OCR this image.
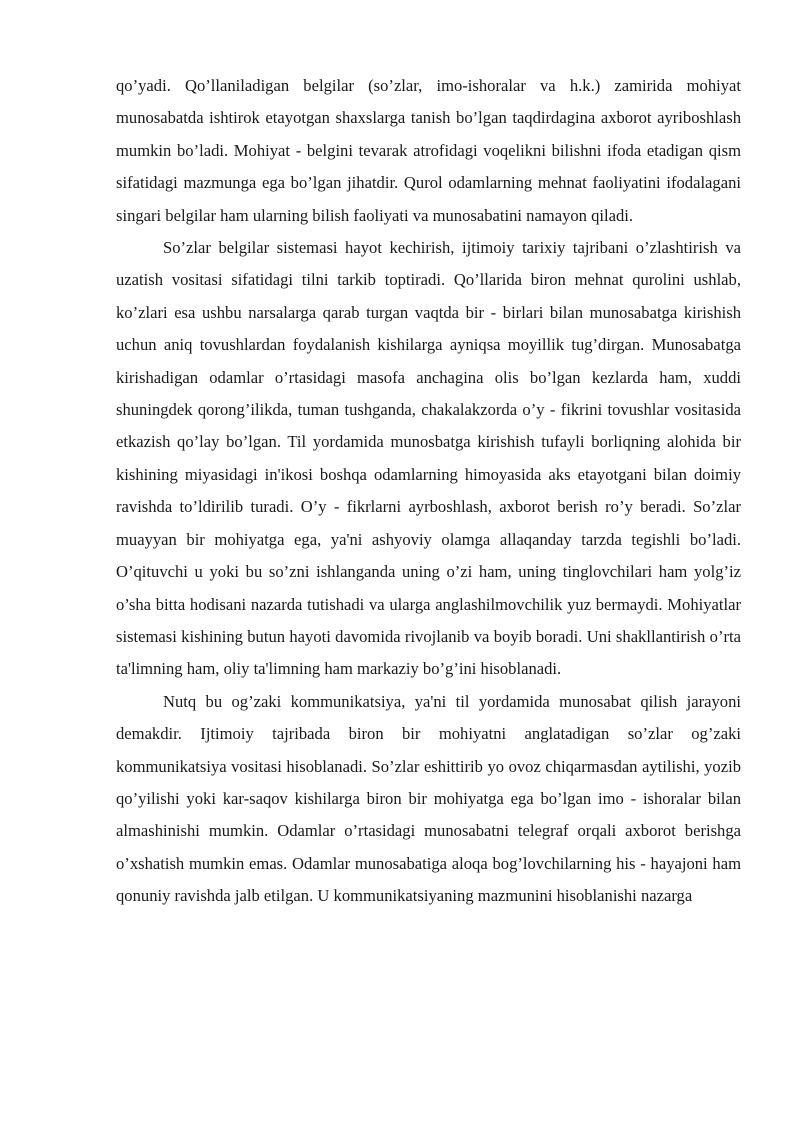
qo’yadi. Qo’llaniladigan belgilar (so’zlar, imo-ishoralar va h.k.) zamirida mohiyat munosabatda ishtirok etayotgan shaxslarga tanish bo’lgan taqdirdagina axborot ayriboshlash mumkin bo’ladi. Mohiyat - belgini tevarak atrofidagi voqelikni bilishni ifoda etadigan qism sifatidagi mazmunga ega bo’lgan jihatdir. Qurol odamlarning mehnat faoliyatini ifodalagani singari belgilar ham ularning bilish faoliyati va munosabatini namayon qiladi.

So’zlar belgilar sistemasi hayot kechirish, ijtimoiy tarixiy tajribani o’zlashtirish va uzatish vositasi sifatidagi tilni tarkib toptiradi. Qo’llarida biron mehnat qurolini ushlab, ko’zlari esa ushbu narsalarga qarab turgan vaqtda bir - birlari bilan munosabatga kirishish uchun aniq tovushlardan foydalanish kishilarga ayniqsa moyillik tug’dirgan. Munosabatga kirishadigan odamlar o’rtasidagi masofa anchagina olis bo’lgan kezlarda ham, xuddi shuningdek qorong’ilikda, tuman tushganda, chakalakzorda o’y - fikrini tovushlar vositasida etkazish qo’lay bo’lgan. Til yordamida munosbatga kirishish tufayli borliqning alohida bir kishining miyasidagi in'ikosi boshqa odamlarning himoyasida aks etayotgani bilan doimiy ravishda to’ldirilib turadi. O’y - fikrlarni ayrboshlash, axborot berish ro’y beradi. So’zlar muayyan bir mohiyatga ega, ya'ni ashyoviy olamga allaqanday tarzda tegishli bo’ladi. O’qituvchi u yoki bu so’zni ishlanganda uning o’zi ham, uning tinglovchilari ham yolg’iz o’sha bitta hodisani nazarda tutishadi va ularga anglashilmovchilik yuz bermaydi. Mohiyatlar sistemasi kishining butun hayoti davomida rivojlanib va boyib boradi. Uni shakllantirish o’rta ta'limning ham, oliy ta'limning ham markaziy bo’g’ini hisoblanadi.

Nutq bu og’zaki kommunikatsiya, ya'ni til yordamida munosabat qilish jarayoni demakdir. Ijtimoiy tajribada biron bir mohiyatni anglatadigan so’zlar og’zaki kommunikatsiya vositasi hisoblanadi. So’zlar eshittirib yo ovoz chiqarmasdan aytilishi, yozib qo’yilishi yoki kar-saqov kishilarga biron bir mohiyatga ega bo’lgan imo - ishoralar bilan almashinishi mumkin. Odamlar o’rtasidagi munosabatni telegraf orqali axborot berishga o’xshatish mumkin emas. Odamlar munosabatiga aloqa bog’lovchilarning his - hayajoni ham qonuniy ravishda jalb etilgan. U kommunikatsiyaning mazmunini hisoblanishi nazarga
